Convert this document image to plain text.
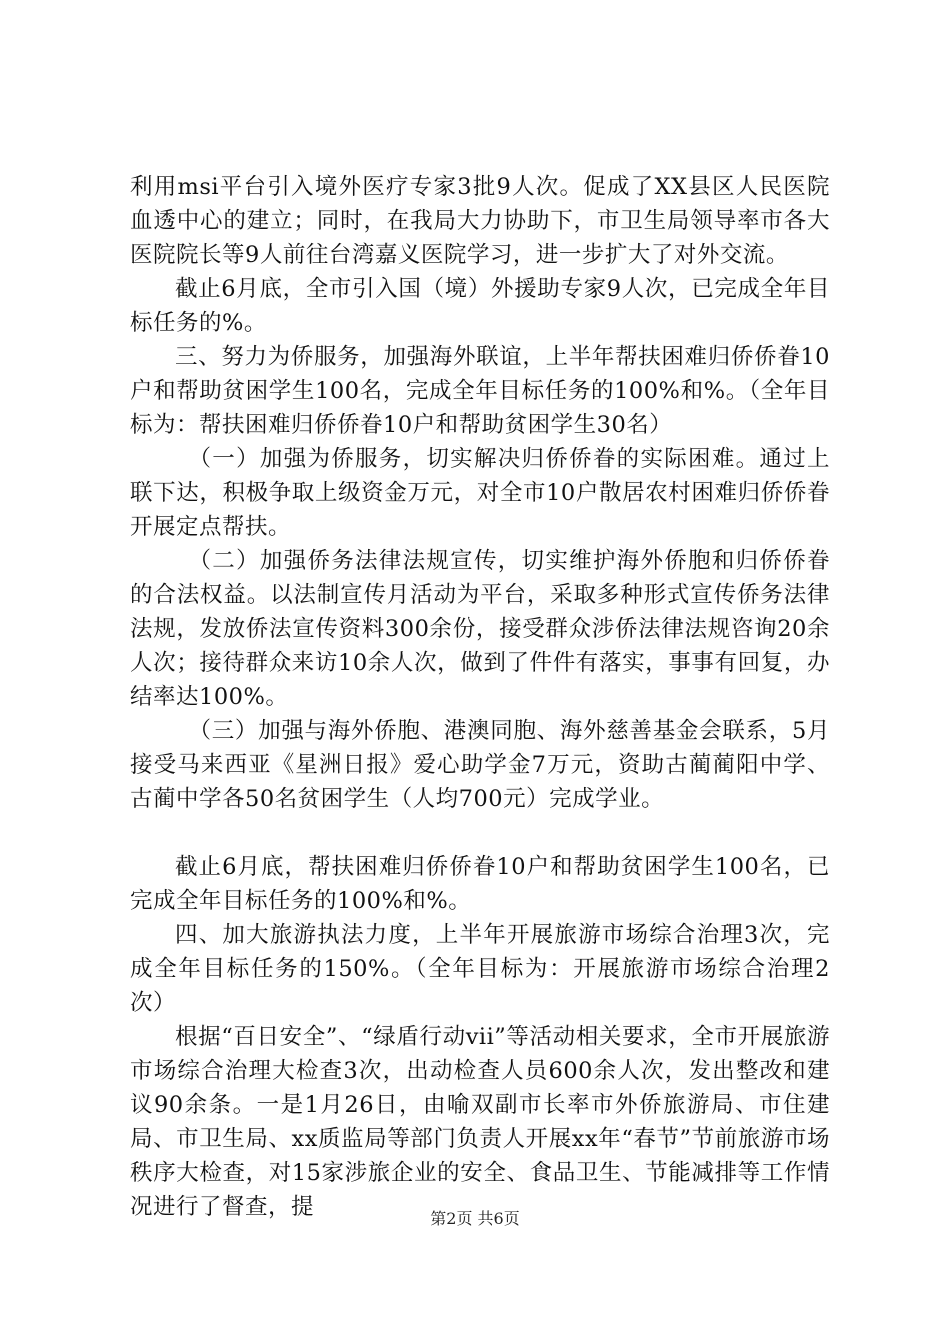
利用msi平台引入境外医疗专家3批9人次。促成了XX县区人民医院血透中心的建立；同时，在我局大力协助下，市卫生局领导率市各大医院院长等9人前往台湾嘉义医院学习，进一步扩大了对外交流。

截止6月底，全市引入国（境）外援助专家9人次，已完成全年目标任务的%。

三、努力为侨服务，加强海外联谊，上半年帮扶困难归侨侨眷10户和帮助贫困学生100名，完成全年目标任务的100%和%。（全年目标为：帮扶困难归侨侨眷10户和帮助贫困学生30名）

（一）加强为侨服务，切实解决归侨侨眷的实际困难。通过上联下达，积极争取上级资金万元，对全市10户散居农村困难归侨侨眷开展定点帮扶。

（二）加强侨务法律法规宣传，切实维护海外侨胞和归侨侨眷的合法权益。以法制宣传月活动为平台，采取多种形式宣传侨务法律法规，发放侨法宣传资料300余份，接受群众涉侨法律法规咨询20余人次；接待群众来访10余人次，做到了件件有落实，事事有回复，办结率达100%。

（三）加强与海外侨胞、港澳同胞、海外慈善基金会联系，5月接受马来西亚《星洲日报》爱心助学金7万元，资助古蔺蔺阳中学、古蔺中学各50名贫困学生（人均700元）完成学业。

截止6月底，帮扶困难归侨侨眷10户和帮助贫困学生100名，已完成全年目标任务的100%和%。

四、加大旅游执法力度，上半年开展旅游市场综合治理3次，完成全年目标任务的150%。（全年目标为：开展旅游市场综合治理2次）

根据“百日安全”、“绿盾行动vii”等活动相关要求，全市开展旅游市场综合治理大检查3次，出动检查人员600余人次，发出整改和建议90余条。一是1月26日，由喻双副市长率市外侨旅游局、市住建局、市卫生局、xx质监局等部门负责人开展xx年“春节”节前旅游市场秩序大检查，对15家涉旅企业的安全、食品卫生、节能减排等工作情况进行了督查，提	第2页 共6页
